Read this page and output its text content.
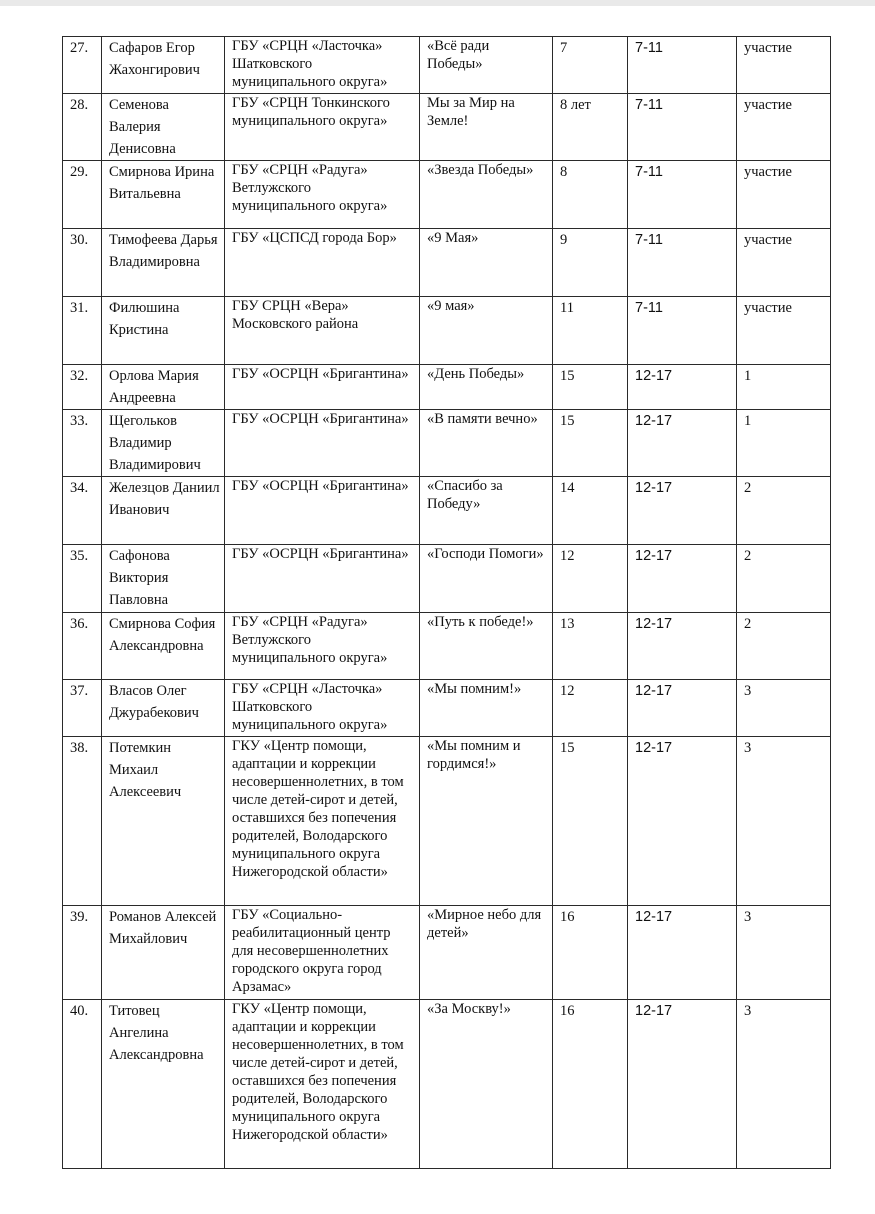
27.	Сафаров Егор Жахонгирович	ГБУ «СРЦН «Ласточка» Шатковского муниципального округа»	«Всё ради Победы»	7	7-11	участие
28.	Семенова Валерия Денисовна	ГБУ «СРЦН Тонкинского муниципального округа»	Мы за Мир на Земле!	8 лет	7-11	участие
29.	Смирнова Ирина Витальевна	ГБУ «СРЦН «Радуга» Ветлужского муниципального округа»	«Звезда Победы»	8	7-11	участие
30.	Тимофеева Дарья Владимировна	ГБУ «ЦСПСД города Бор»	«9 Мая»	9	7-11	участие
31.	Филюшина Кристина	ГБУ СРЦН «Вера» Московского района	«9 мая»	11	7-11	участие
32.	Орлова Мария Андреевна	ГБУ «ОСРЦН «Бригантина»	«День Победы»	15	12-17	1
33.	Щегольков Владимир Владимирович	ГБУ «ОСРЦН «Бригантина»	«В памяти вечно»	15	12-17	1
34.	Железцов Даниил Иванович	ГБУ «ОСРЦН «Бригантина»	«Спасибо за Победу»	14	12-17	2
35.	Сафонова Виктория Павловна	ГБУ «ОСРЦН «Бригантина»	«Господи Помоги»	12	12-17	2
36.	Смирнова София Александровна	ГБУ «СРЦН «Радуга» Ветлужского муниципального округа»	«Путь к победе!»	13	12-17	2
37.	Власов Олег Джурабекович	ГБУ «СРЦН «Ласточка» Шатковского муниципального округа»	«Мы помним!»	12	12-17	3
38.	Потемкин Михаил Алексеевич	ГКУ «Центр помощи, адаптации и коррекции несовершеннолетних, в том числе детей-сирот и детей, оставшихся без попечения родителей, Володарского муниципального округа Нижегородской области»	«Мы помним и гордимся!»	15	12-17	3
39.	Романов Алексей Михайлович	ГБУ «Социально-реабилитационный центр для несовершеннолетних городского округа город Арзамас»	«Мирное небо для детей»	16	12-17	3
40.	Титовец Ангелина Александровна	ГКУ «Центр помощи, адаптации и коррекции несовершеннолетних, в том числе детей-сирот и детей, оставшихся без попечения родителей, Володарского муниципального округа Нижегородской области»	«За Москву!»	16	12-17	3
